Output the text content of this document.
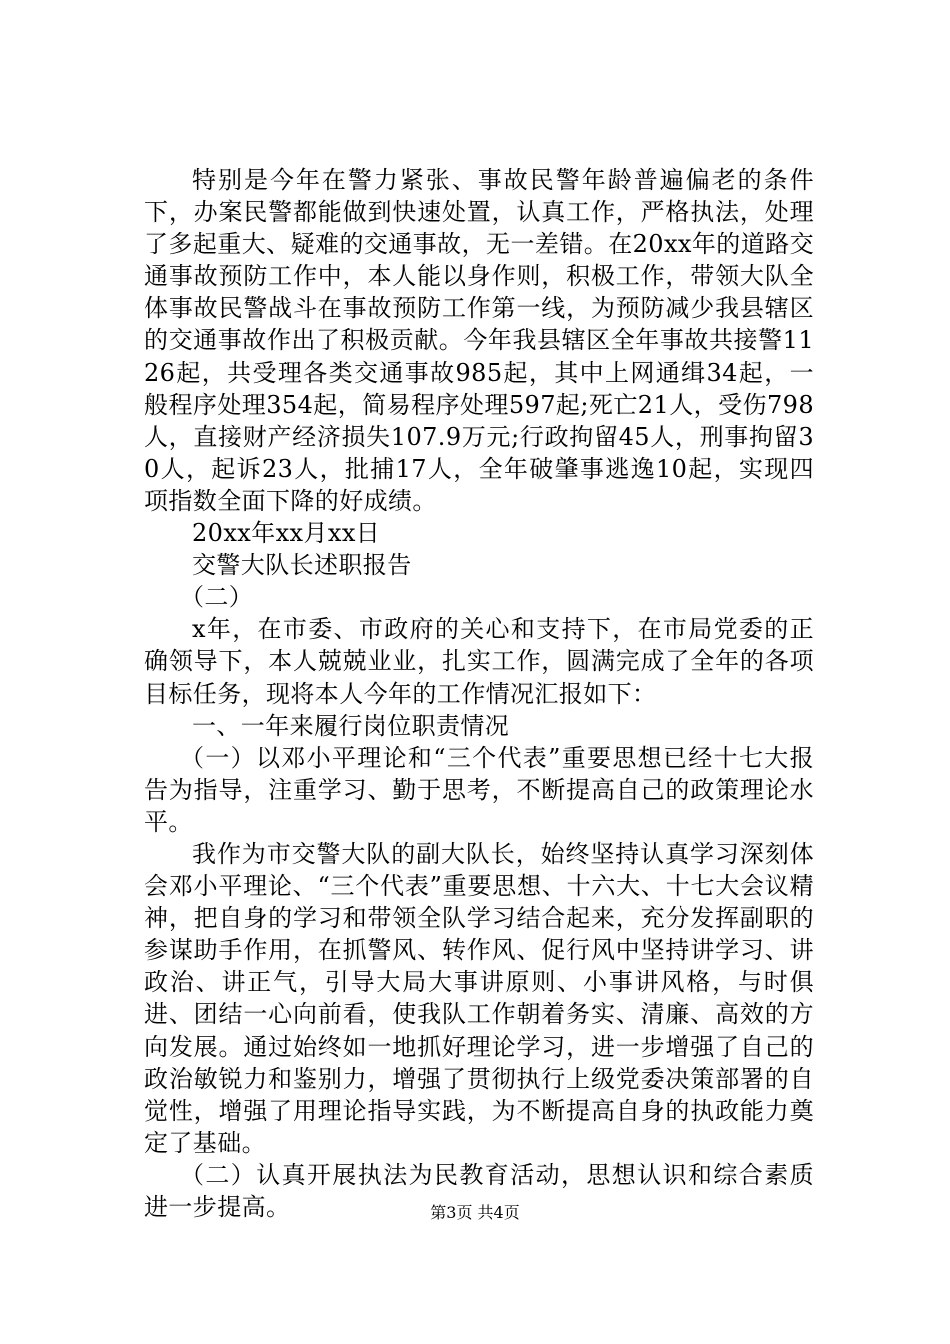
特别是今年在警力紧张、事故民警年龄普遍偏老的条件下，办案民警都能做到快速处置，认真工作，严格执法，处理了多起重大、疑难的交通事故，无一差错。在20xx年的道路交通事故预防工作中，本人能以身作则，积极工作，带领大队全体事故民警战斗在事故预防工作第一线，为预防减少我县辖区的交通事故作出了积极贡献。今年我县辖区全年事故共接警1126起，共受理各类交通事故985起，其中上网通缉34起，一般程序处理354起，简易程序处理597起;死亡21人，受伤798人，直接财产经济损失107.9万元;行政拘留45人，刑事拘留30人，起诉23人，批捕17人，全年破肇事逃逸10起，实现四项指数全面下降的好成绩。

20xx年xx月xx日

交警大队长述职报告

（二）

x年，在市委、市政府的关心和支持下，在市局党委的正确领导下，本人兢兢业业，扎实工作，圆满完成了全年的各项目标任务，现将本人今年的工作情况汇报如下：

一、一年来履行岗位职责情况

（一）以邓小平理论和“三个代表”重要思想已经十七大报告为指导，注重学习、勤于思考，不断提高自己的政策理论水平。

我作为市交警大队的副大队长，始终坚持认真学习深刻体会邓小平理论、“三个代表”重要思想、十六大、十七大会议精神，把自身的学习和带领全队学习结合起来，充分发挥副职的参谋助手作用，在抓警风、转作风、促行风中坚持讲学习、讲政治、讲正气，引导大局大事讲原则、小事讲风格，与时俱进、团结一心向前看，使我队工作朝着务实、清廉、高效的方向发展。通过始终如一地抓好理论学习，进一步增强了自己的政治敏锐力和鉴别力，增强了贯彻执行上级党委决策部署的自觉性，增强了用理论指导实践，为不断提高自身的执政能力奠定了基础。

（二）认真开展执法为民教育活动，思想认识和综合素质进一步提高。	第3页 共4页
